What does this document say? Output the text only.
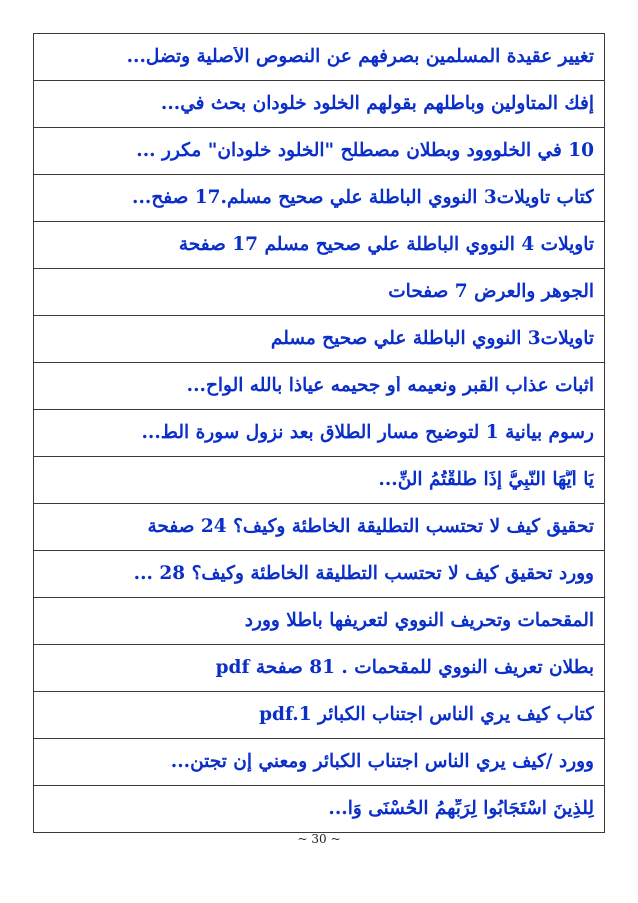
تغيير عقيدة المسلمين بصرفهم عن النصوص الأصلية وتضل...

إفك المتأولين وباطلهم بقولهم الخلود خلودان بحث في...

10 في الخلووود وبطلان مصطلح "الخلود خلودان" مكرر ...

كتاب تاويلات3 النووي الباطلة علي صحيح مسلم.17 صفح...

تاويلات 4 النووي الباطلة علي صحيح مسلم 17 صفحة

الجوهر والعرض 7 صفحات

تاويلات3 النووي الباطلة علي صحيح مسلم

اثبات عذاب القبر ونعيمه أو جحيمه عياذا بالله الواح...

رسوم بيانية 1 لتوضيح مسار الطلاق بعد نزول سورة الط...

يَا أَيُّهَا النَّبِيُّ إِذَا طَلَّقْتُمُ النِّ...

تحقيق كيف لا تحتسب التطليقة الخاطئة وكيف؟ 24 صفحة

وورد تحقيق كيف لا تحتسب التطليقة الخاطئة وكيف؟ 28 ...

المقحمات وتحريف النووي لتعريفها باطلا وورد

بطلان تعريف النووي للمقحمات . 81 صفحة pdf

كتاب كيف يري الناس اجتناب الكبائر pdf.1

وورد /كيف يري الناس اجتناب الكبائر ومعني إن تجتن...

لِلَّذِينَ اسْتَجَابُوا لِرَبِّهِمُ الْحُسْنَى وَا...
~ 30 ~
